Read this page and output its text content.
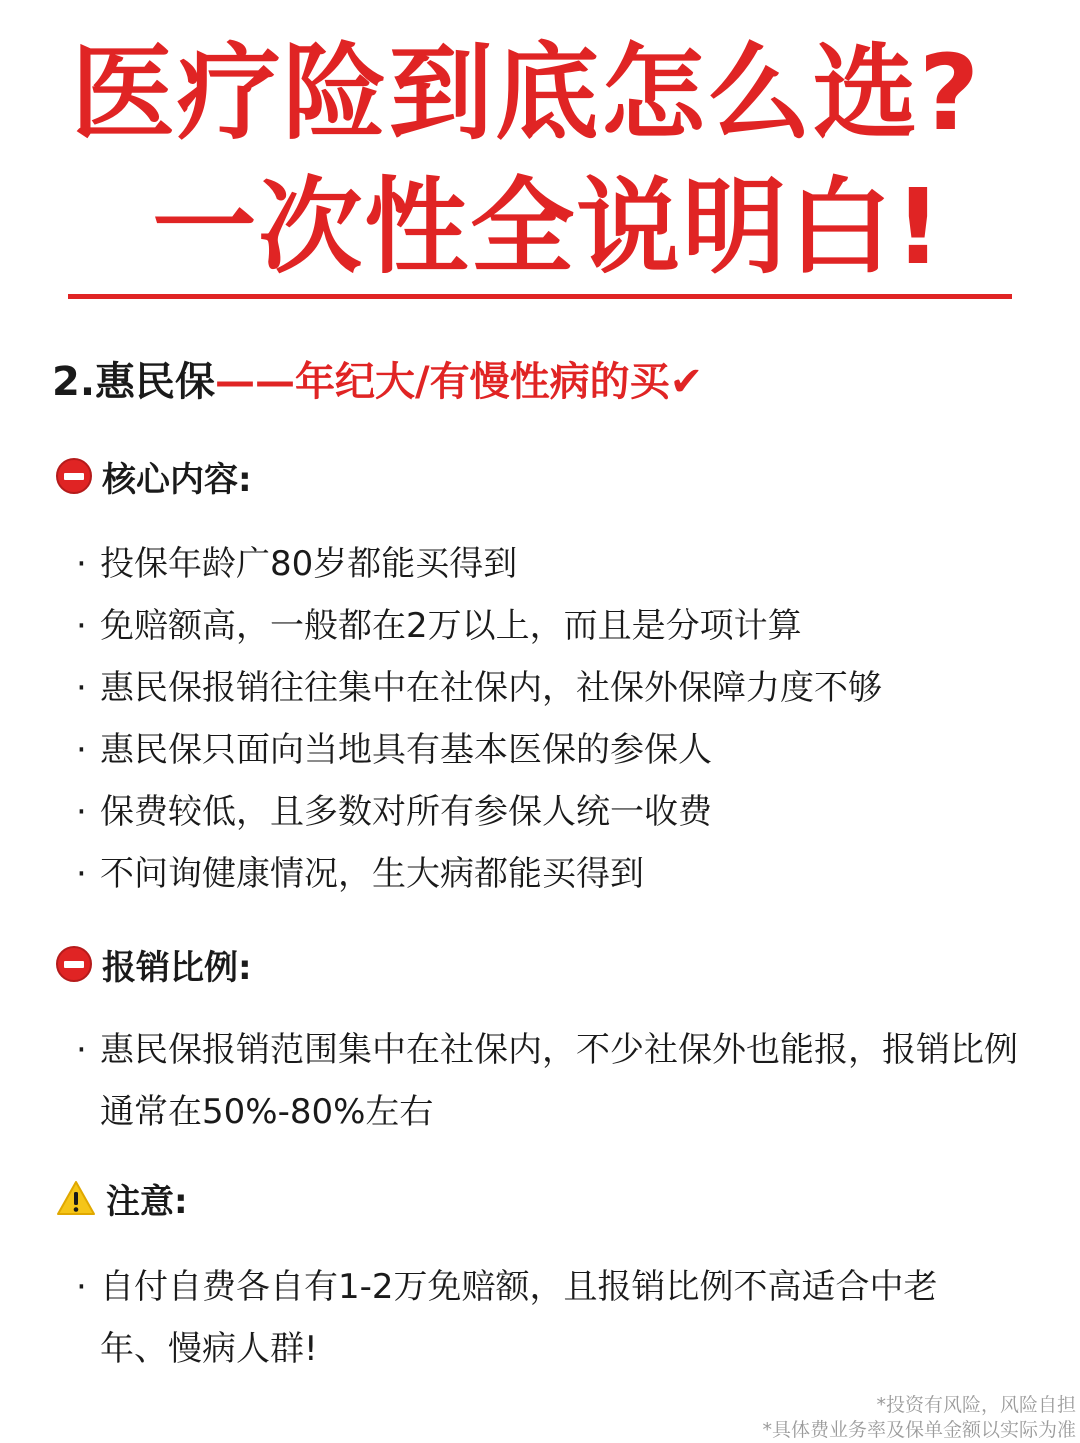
医疗险到底怎么选?
一次性全说明白!
2.惠民保——年纪大/有慢性病的买✔
核心内容:
· 投保年龄广80岁都能买得到
· 免赔额高，一般都在2万以上，而且是分项计算
· 惠民保报销往往集中在社保内，社保外保障力度不够
· 惠民保只面向当地具有基本医保的参保人
· 保费较低，且多数对所有参保人统一收费
· 不问询健康情况，生大病都能买得到
报销比例:
· 惠民保报销范围集中在社保内，不少社保外也能报，报销比例通常在50%-80%左右
注意:
· 自付自费各自有1-2万免赔额，且报销比例不高适合中老年、慢病人群!
*投资有风险，风险自担
*具体费业务率及保单金额以实际为准
